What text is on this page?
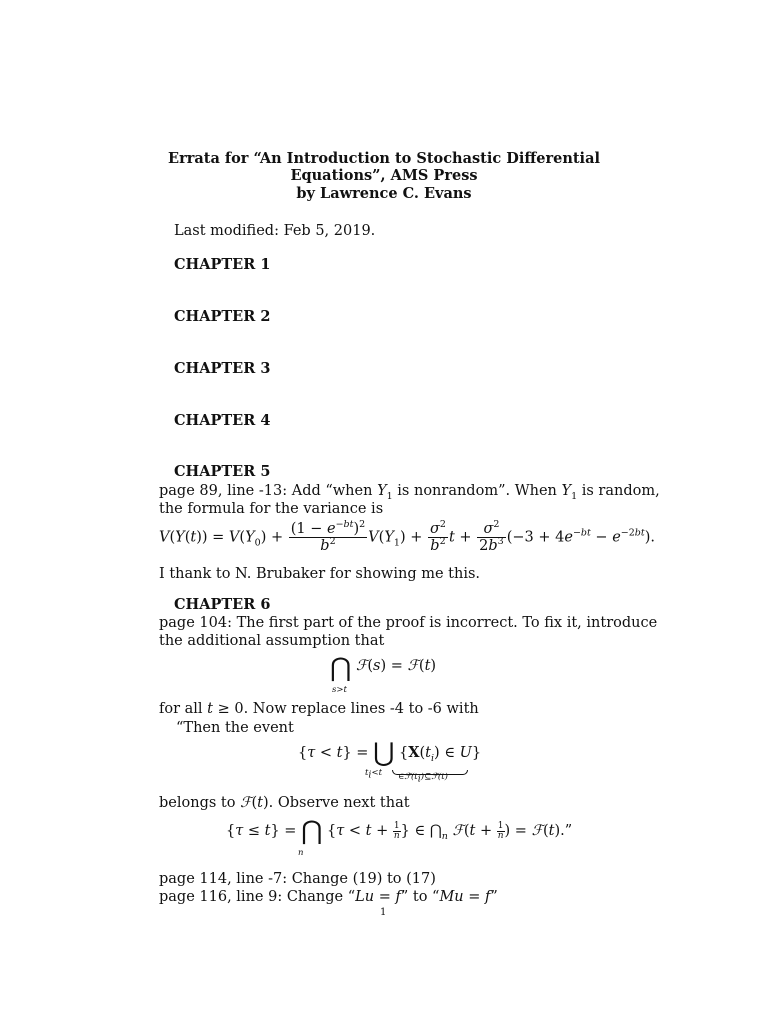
Errata for “An Introduction to Stochastic Differential
Equations”, AMS Press
by Lawrence C. Evans
Last modified: Feb 5, 2019.
CHAPTER 1
CHAPTER 2
CHAPTER 3
CHAPTER 4
CHAPTER 5
page 89, line -13: Add “when $Y_1$ is nonrandom”. When $Y_1$ is random,
the formula for the variance is
$V(Y(t)) = V(Y_0) + \frac{(1 - e^{-bt})^2}{b^2} V(Y_1) + \frac{\sigma^2}{b^2}$ $t + \frac{\sigma^2}{2b^3} (-3 + 4e^{-bt} - e^{-2bt})$.
I thank to N. Brubaker for showing me this.
CHAPTER 6
page 104: The first part of the proof is incorrect. To fix it, introduce
the additional assumption that
⋂ ℱ(s) = ℱ(t)
s>t
for all t ≥ 0. Now replace lines -4 to -6 with
“Then the event
{τ < t} = ⋃ {$X(t_i)$ ∈ U}
$t_i<t$ $\in ℱ(t_i)⊆ℱ(t)$
belongs to ℱ(t). Observe next that
{τ ≤ t} = ⋂ {$\tau < t + \frac{1}{n}$ } ∈ $⋂_n$ ℱ(t + $\frac{1}{n}$ ) = ℱ(t).”
n
page 114, line -7: Change (19) to (17)
page 116, line 9: Change “Lu = f” to “Mu = f”
1
